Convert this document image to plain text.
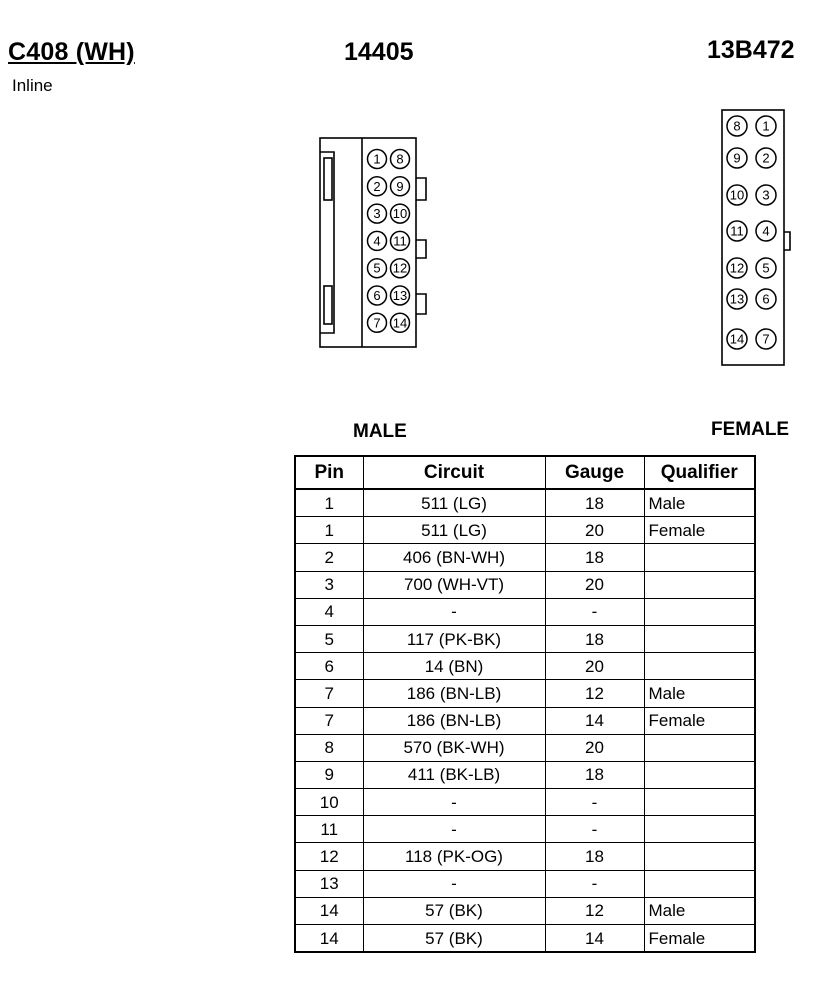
C408 (WH)
Inline
14405	13B472
1 8
2 9
3 10
4 11
5 12
6 13
7 14
8 1
9 2
10 3
11 4
12 5
13 6
14 7
MALE	FEMALE
Pin	Circuit	Gauge	Qualifier
1	511 (LG)	18	Male
1	511 (LG)	20	Female
2	406 (BN-WH)	18	
3	700 (WH-VT)	20	
4	-	-	
5	117 (PK-BK)	18	
6	14 (BN)	20	
7	186 (BN-LB)	12	Male
7	186 (BN-LB)	14	Female
8	570 (BK-WH)	20	
9	411 (BK-LB)	18	
10	-	-	
11	-	-	
12	118 (PK-OG)	18	
13	-	-	
14	57 (BK)	12	Male
14	57 (BK)	14	Female
